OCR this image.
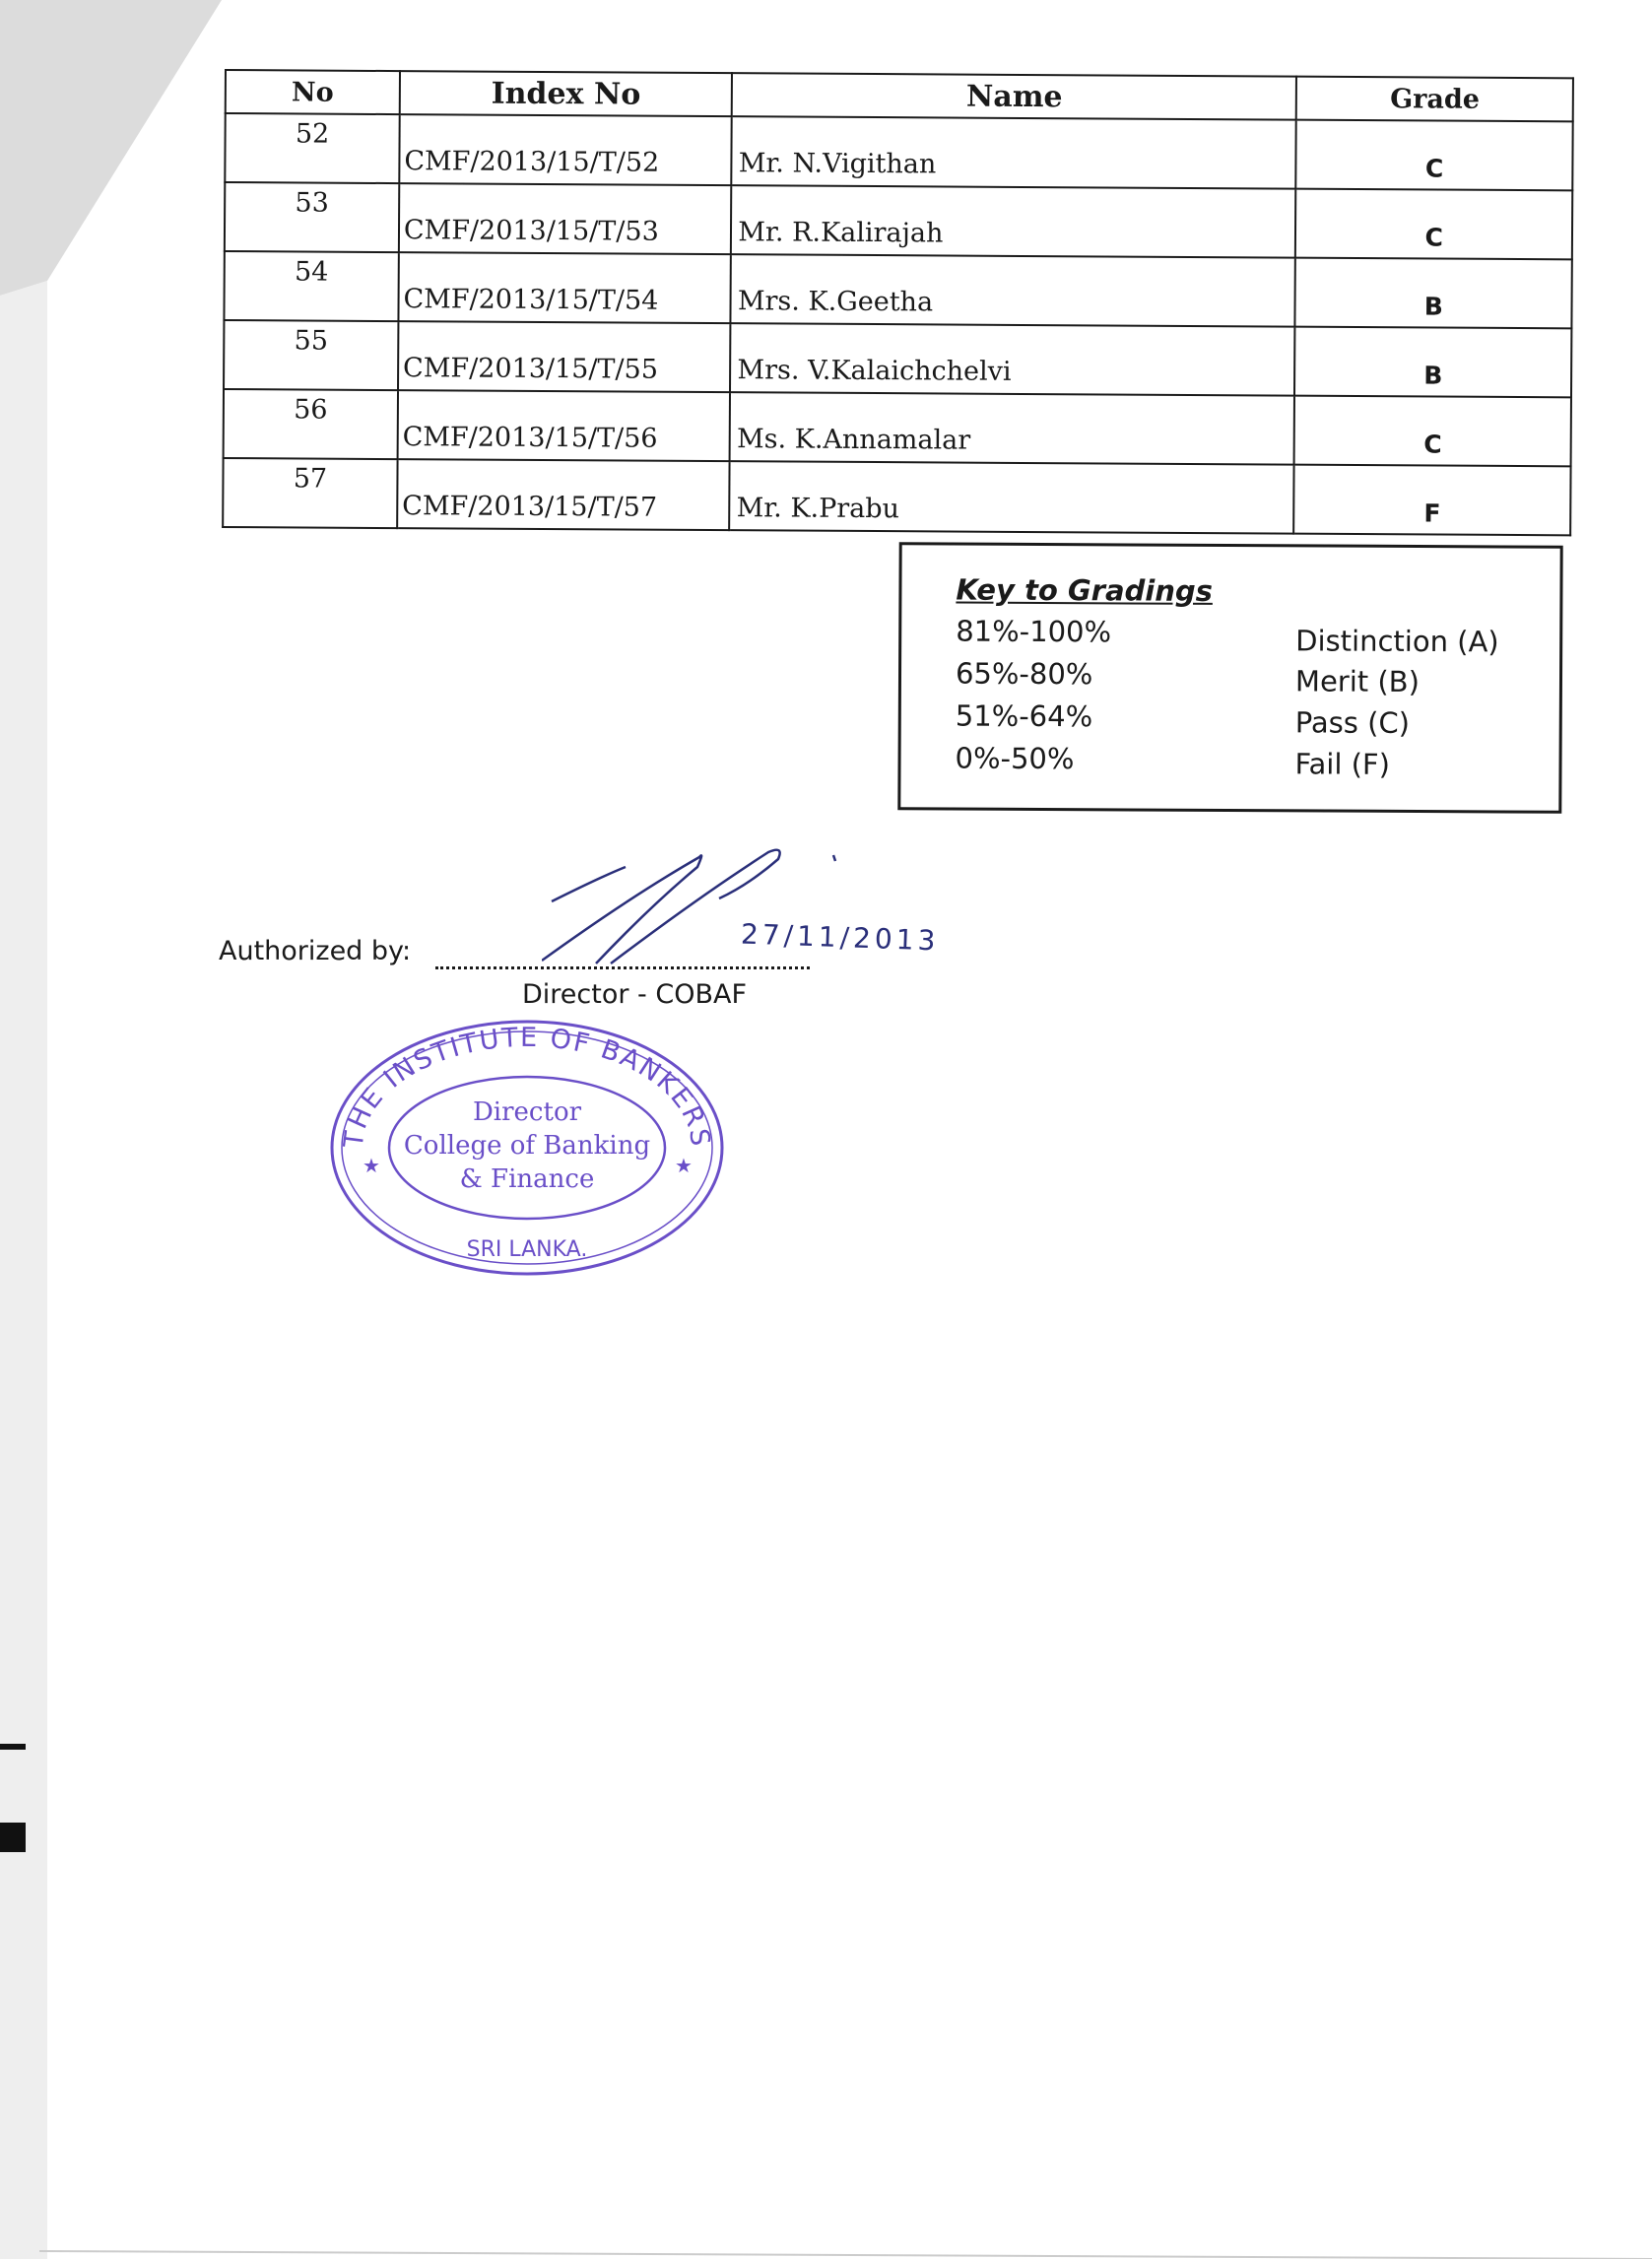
No	Index No	Name	Grade
52	CMF/2013/15/T/52	Mr. N.Vigithan	C
53	CMF/2013/15/T/53	Mr. R.Kalirajah	C
54	CMF/2013/15/T/54	Mrs. K.Geetha	B
55	CMF/2013/15/T/55	Mrs. V.Kalaichchelvi	B
56	CMF/2013/15/T/56	Ms. K.Annamalar	C
57	CMF/2013/15/T/57	Mr. K.Prabu	F
Key to Gradings
81%-100%	Distinction (A)
65%-80%	Merit (B)
51%-64%	Pass (C)
0%-50%	Fail (F)
Authorized by:	27/11/2013
Director - COBAF
THE INSTITUTE OF BANKERS
SRI LANKA.
★	★
Director
College of Banking
& Finance
